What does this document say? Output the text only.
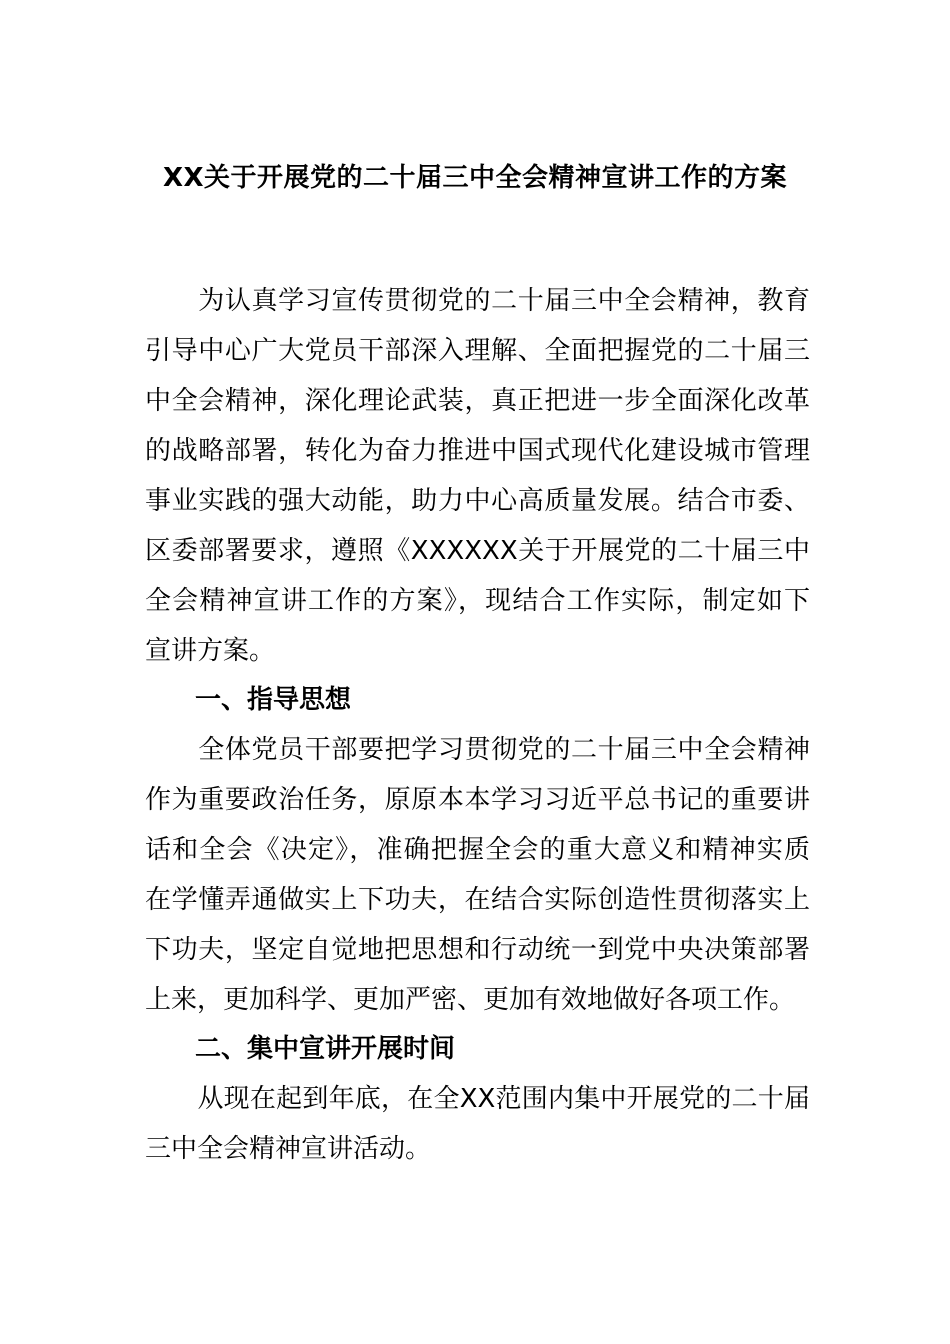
XX关于开展党的二十届三中全会精神宣讲工作的方案
　　为认真学习宣传贯彻党的二十届三中全会精神，教育
引导中心广大党员干部深入理解、全面把握党的二十届三
中全会精神，深化理论武装，真正把进一步全面深化改革
的战略部署，转化为奋力推进中国式现代化建设城市管理
事业实践的强大动能，助力中心高质量发展。结合市委、
区委部署要求，遵照《XXXXXX关于开展党的二十届三中
全会精神宣讲工作的方案》，现结合工作实际，制定如下
宣讲方案。
一、指导思想
　　全体党员干部要把学习贯彻党的二十届三中全会精神
作为重要政治任务，原原本本学习习近平总书记的重要讲
话和全会《决定》，准确把握全会的重大意义和精神实质
在学懂弄通做实上下功夫，在结合实际创造性贯彻落实上
下功夫，坚定自觉地把思想和行动统一到党中央决策部署
上来，更加科学、更加严密、更加有效地做好各项工作。
二、集中宣讲开展时间
　　从现在起到年底，在全XX范围内集中开展党的二十届
三中全会精神宣讲活动。
